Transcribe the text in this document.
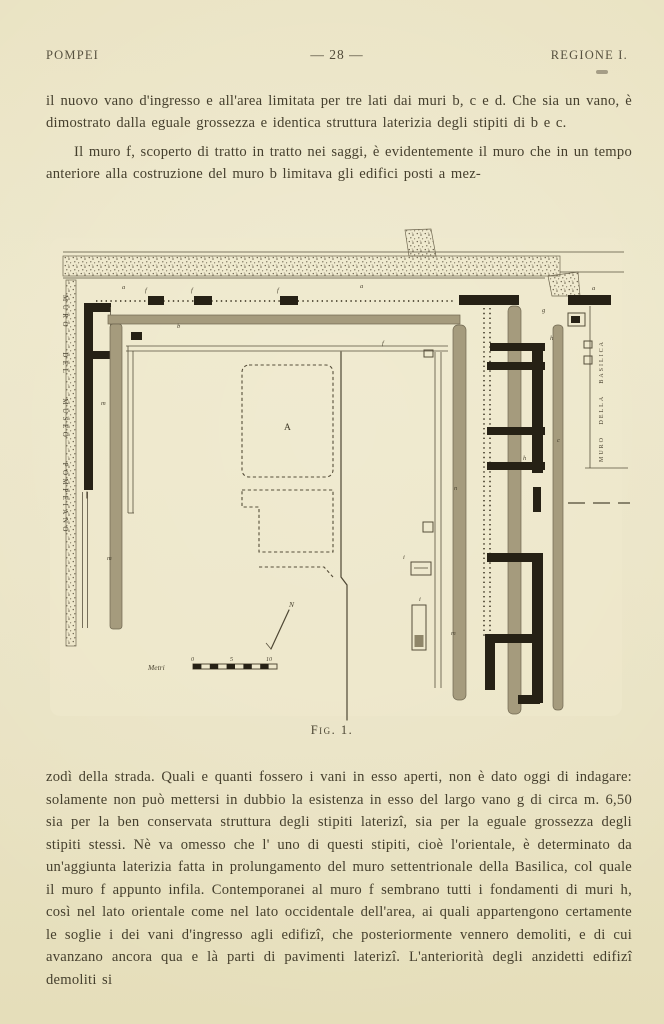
POMPEI	— 28 —	REGIONE I.

il nuovo vano d'ingresso e all'area limitata per tre lati dai muri b, c e d. Che sia un vano, è dimostrato dalla eguale grossezza e identica struttura laterizia degli stipiti di b e c.

Il muro f, scoperto di tratto in tratto nei saggi, è evidentemente il muro che in un tempo anteriore alla costruzione del muro b limitava gli edifici posti a mez-

MURO DEL MUSEO POMPEIANO	A	MURO DELLA BASILICA
N
Metri
0	5	10
f	f	f
g
a	a	a
b
m
m
n
m
h
h
i
i
c
f
Fig. 1.

zodì della strada. Quali e quanti fossero i vani in esso aperti, non è dato oggi di indagare: solamente non può mettersi in dubbio la esistenza in esso del largo vano g di circa m. 6,50 sia per la ben conservata struttura degli stipiti laterizî, sia per la eguale grossezza degli stipiti stessi. Nè va omesso che l' uno di questi stipiti, cioè l'orientale, è determinato da un'aggiunta laterizia fatta in prolungamento del muro settentrionale della Basilica, col quale il muro f appunto infila. Contemporanei al muro f sembrano tutti i fondamenti di muri h, così nel lato orientale come nel lato occidentale dell'area, ai quali appartengono certamente le soglie i dei vani d'ingresso agli edifizî, che posteriormente vennero demoliti, e di cui avanzano ancora qua e là parti di pavimenti laterizî. L'anteriorità degli anzidetti edifizî demoliti si
